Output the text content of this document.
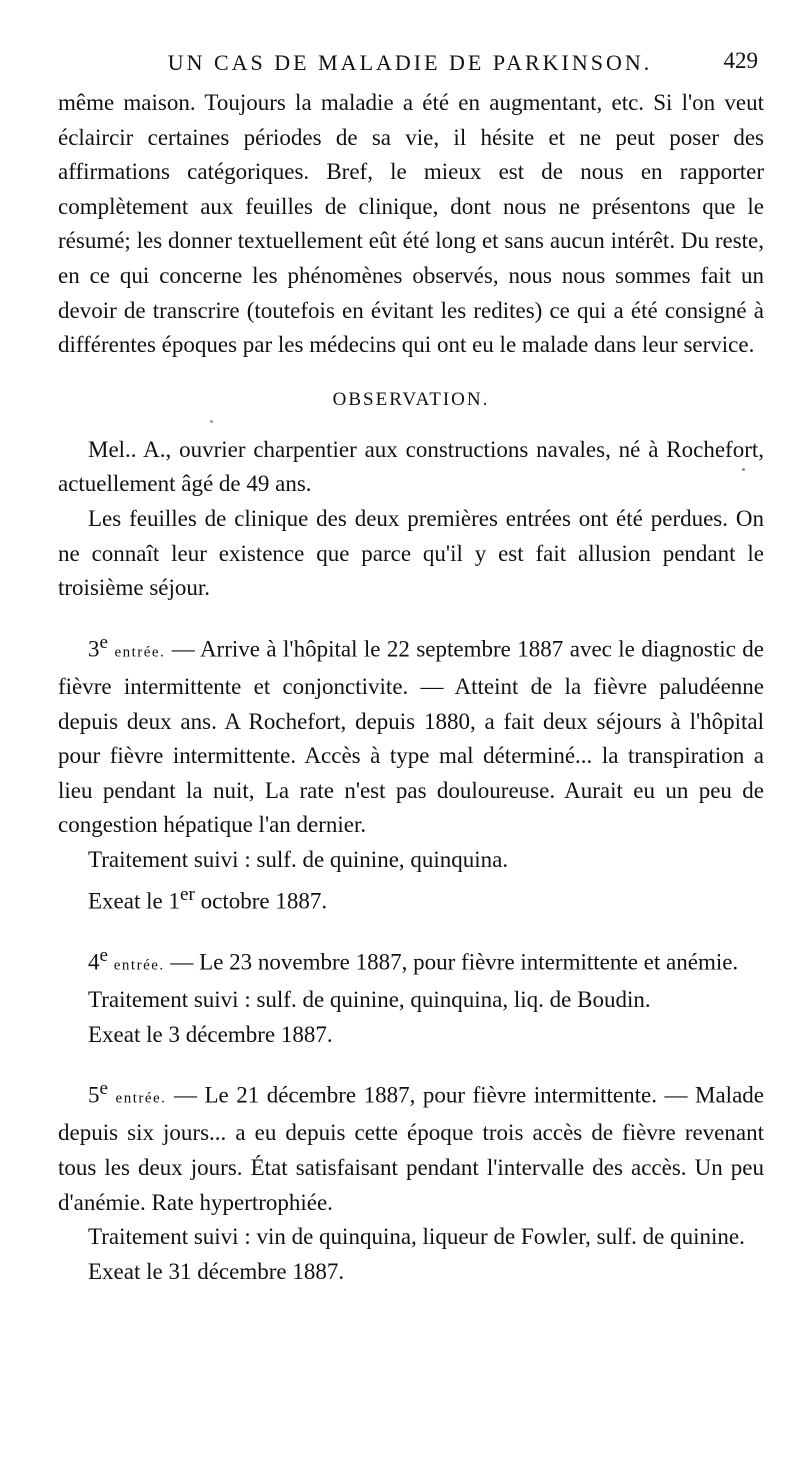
UN CAS DE MALADIE DE PARKINSON.	429

même maison. Toujours la maladie a été en augmentant, etc. Si l'on veut éclaircir certaines périodes de sa vie, il hésite et ne peut poser des affirmations catégoriques. Bref, le mieux est de nous en rapporter complètement aux feuilles de clinique, dont nous ne présentons que le résumé; les donner textuellement eût été long et sans aucun intérêt. Du reste, en ce qui concerne les phénomènes observés, nous nous sommes fait un devoir de transcrire (toutefois en évitant les redites) ce qui a été consigné à différentes époques par les médecins qui ont eu le malade dans leur service.

OBSERVATION.

Mel.. A., ouvrier charpentier aux constructions navales, né à Rochefort, actuellement âgé de 49 ans.

Les feuilles de clinique des deux premières entrées ont été perdues. On ne connaît leur existence que parce qu'il y est fait allusion pendant le troisième séjour.

3e entrée. — Arrive à l'hôpital le 22 septembre 1887 avec le diagnostic de fièvre intermittente et conjonctivite. — Atteint de la fièvre paludéenne depuis deux ans. A Rochefort, depuis 1880, a fait deux séjours à l'hôpital pour fièvre intermittente. Accès à type mal déterminé... la transpiration a lieu pendant la nuit, La rate n'est pas douloureuse. Aurait eu un peu de congestion hépatique l'an dernier.

Traitement suivi : sulf. de quinine, quinquina.

Exeat le 1er octobre 1887.

4e entrée. — Le 23 novembre 1887, pour fièvre intermittente et anémie.

Traitement suivi : sulf. de quinine, quinquina, liq. de Boudin.

Exeat le 3 décembre 1887.

5e entrée. — Le 21 décembre 1887, pour fièvre intermittente. — Malade depuis six jours... a eu depuis cette époque trois accès de fièvre revenant tous les deux jours. État satisfaisant pendant l'intervalle des accès. Un peu d'anémie. Rate hypertrophiée.

Traitement suivi : vin de quinquina, liqueur de Fowler, sulf. de quinine.

Exeat le 31 décembre 1887.
